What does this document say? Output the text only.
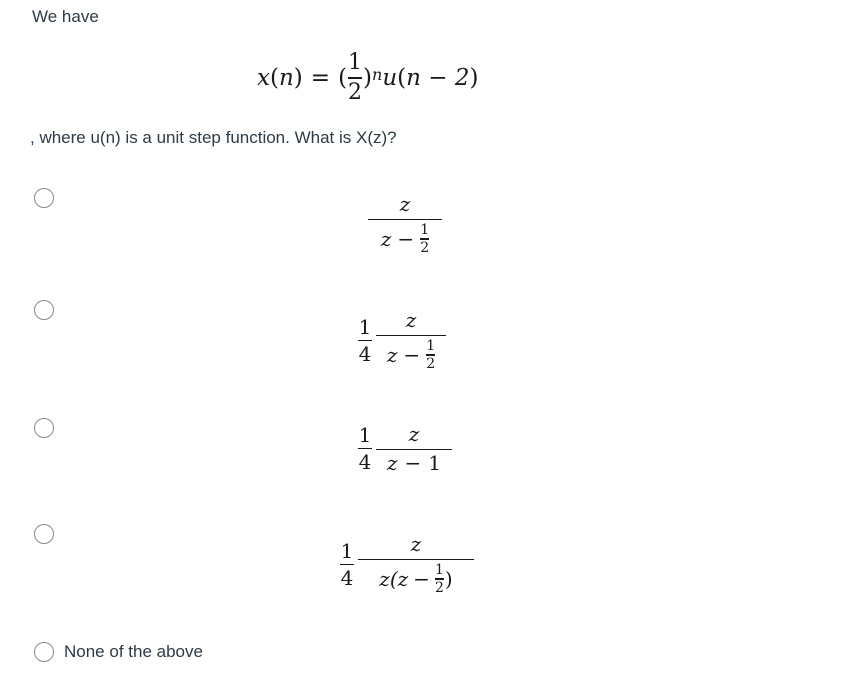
We have
x ( n ) = ( $\frac{1}{2} )^n$ u ( n − 2 )
, where u(n) is a unit step function. What is X(z)?
$\frac{z}{z - \frac{1}{2}}$
$\frac{1}{4} \frac{z}{z - \frac{1}{2}}$
$\frac{1}{4} \frac{z}{z - 1}$
$\frac{1}{4}$	z
z ($z - \frac{1}{2}$ )
None of the above
